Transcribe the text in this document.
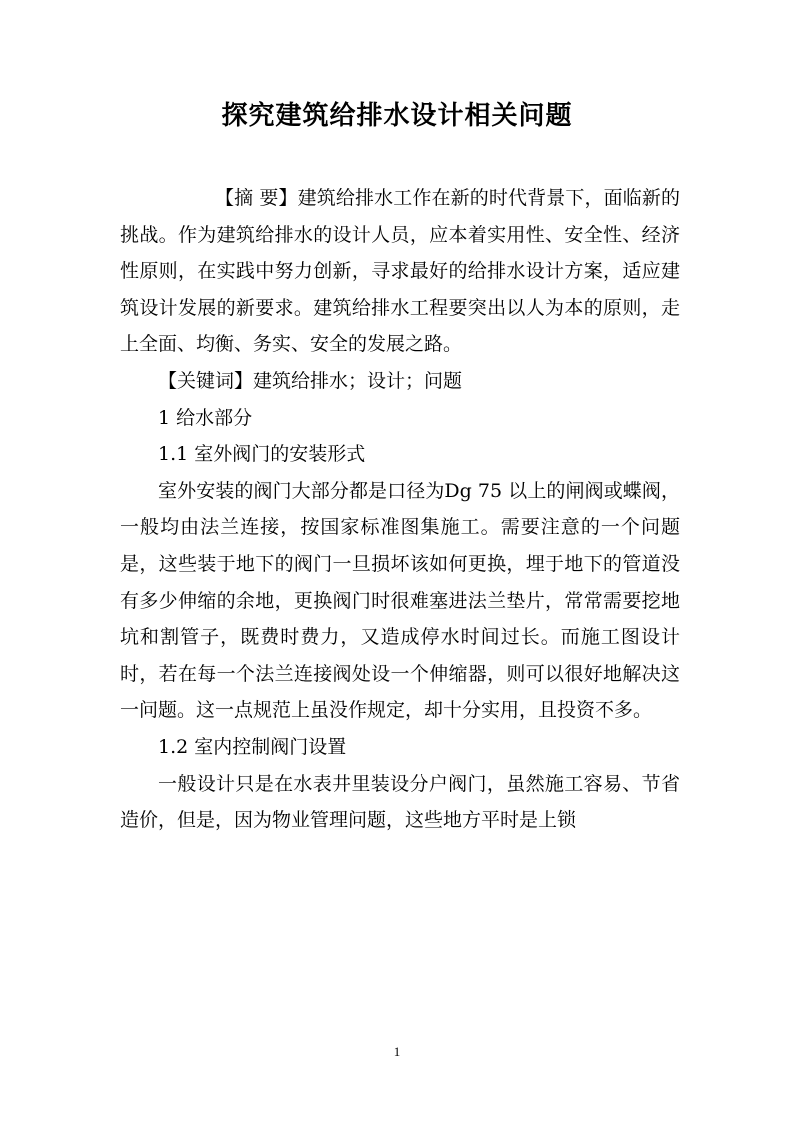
探究建筑给排水设计相关问题

【摘 要】建筑给排水工作在新的时代背景下，面临新的挑战。作为建筑给排水的设计人员，应本着实用性、安全性、经济性原则，在实践中努力创新，寻求最好的给排水设计方案，适应建筑设计发展的新要求。建筑给排水工程要突出以人为本的原则，走上全面、均衡、务实、安全的发展之路。

【关键词】建筑给排水；设计；问题

1 给水部分

1.1 室外阀门的安装形式

室外安装的阀门大部分都是口径为Dg 75 以上的闸阀或蝶阀，一般均由法兰连接，按国家标准图集施工。需要注意的一个问题是，这些装于地下的阀门一旦损坏该如何更换，埋于地下的管道没有多少伸缩的余地，更换阀门时很难塞进法兰垫片，常常需要挖地坑和割管子，既费时费力，又造成停水时间过长。而施工图设计时，若在每一个法兰连接阀处设一个伸缩器，则可以很好地解决这一问题。这一点规范上虽没作规定，却十分实用，且投资不多。

1.2 室内控制阀门设置

一般设计只是在水表井里装设分户阀门，虽然施工容易、节省造价，但是，因为物业管理问题，这些地方平时是上锁

1
